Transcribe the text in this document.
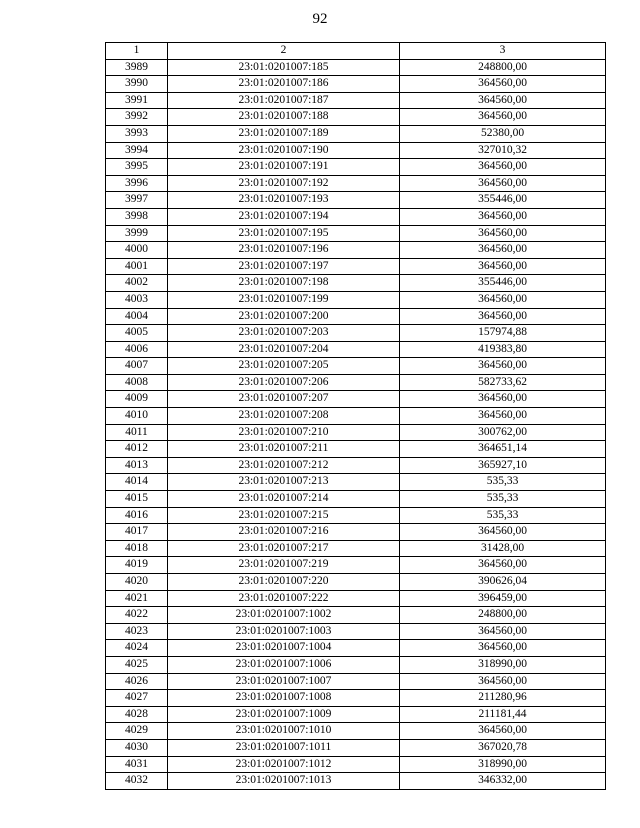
92
1	2	3
3989	23:01:0201007:185	248800,00
3990	23:01:0201007:186	364560,00
3991	23:01:0201007:187	364560,00
3992	23:01:0201007:188	364560,00
3993	23:01:0201007:189	52380,00
3994	23:01:0201007:190	327010,32
3995	23:01:0201007:191	364560,00
3996	23:01:0201007:192	364560,00
3997	23:01:0201007:193	355446,00
3998	23:01:0201007:194	364560,00
3999	23:01:0201007:195	364560,00
4000	23:01:0201007:196	364560,00
4001	23:01:0201007:197	364560,00
4002	23:01:0201007:198	355446,00
4003	23:01:0201007:199	364560,00
4004	23:01:0201007:200	364560,00
4005	23:01:0201007:203	157974,88
4006	23:01:0201007:204	419383,80
4007	23:01:0201007:205	364560,00
4008	23:01:0201007:206	582733,62
4009	23:01:0201007:207	364560,00
4010	23:01:0201007:208	364560,00
4011	23:01:0201007:210	300762,00
4012	23:01:0201007:211	364651,14
4013	23:01:0201007:212	365927,10
4014	23:01:0201007:213	535,33
4015	23:01:0201007:214	535,33
4016	23:01:0201007:215	535,33
4017	23:01:0201007:216	364560,00
4018	23:01:0201007:217	31428,00
4019	23:01:0201007:219	364560,00
4020	23:01:0201007:220	390626,04
4021	23:01:0201007:222	396459,00
4022	23:01:0201007:1002	248800,00
4023	23:01:0201007:1003	364560,00
4024	23:01:0201007:1004	364560,00
4025	23:01:0201007:1006	318990,00
4026	23:01:0201007:1007	364560,00
4027	23:01:0201007:1008	211280,96
4028	23:01:0201007:1009	211181,44
4029	23:01:0201007:1010	364560,00
4030	23:01:0201007:1011	367020,78
4031	23:01:0201007:1012	318990,00
4032	23:01:0201007:1013	346332,00
